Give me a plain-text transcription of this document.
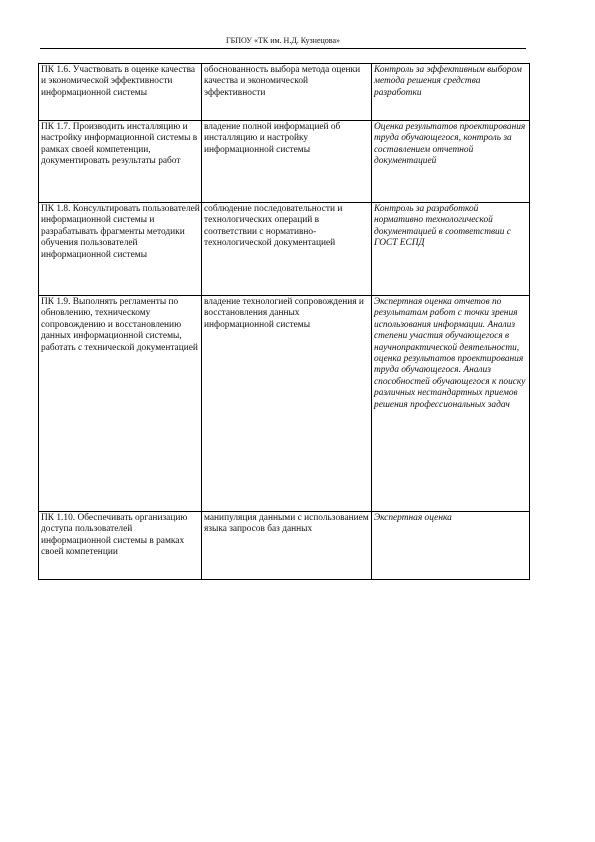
ГБПОУ «ТК им. Н.Д. Кузнецова»
ПК 1.6. Участвовать в оценке качества и экономической эффективности информационной системы	обоснованность выбора метода оценки качества и экономической эффективности	Контроль за эффективным выбором метода решения средства разработки
ПК 1.7. Производить инсталляцию и настройку информационной системы в рамках своей компетенции, документировать результаты работ	владение полной информацией об инсталляцию и настройку информационной системы	Оценка результатов проектирования труда обучающегося, контроль за составлением отчетной документацией
ПК 1.8. Консультировать пользователей информационной системы и разрабатывать фрагменты методики обучения пользователей информационной системы	соблюдение последовательности и технологических операций в соответствии с нормативно-технологической документацией	Контроль за разработкой нормативно технологической документацией в соответствии с ГОСТ ЕСПД
ПК 1.9. Выполнять регламенты по обновлению, техническому сопровождению и восстановлению данных информационной системы, работать с технической документацией	владение технологией сопровождения и восстановления данных информационной системы	Экспертная оценка отчетов по результатам работ с точки зрения использования информации. Анализ степени участия обучающегося в научнопрактической деятельности, оценка результатов проектирования труда обучающегося. Анализ способностей обучающегося к поиску различных нестандартных приемов решения профессиональных задач
ПК 1.10. Обеспечивать организацию доступа пользователей информационной системы в рамках своей компетенции	манипуляция данными с использованием языка запросов баз данных	Экспертная оценка
